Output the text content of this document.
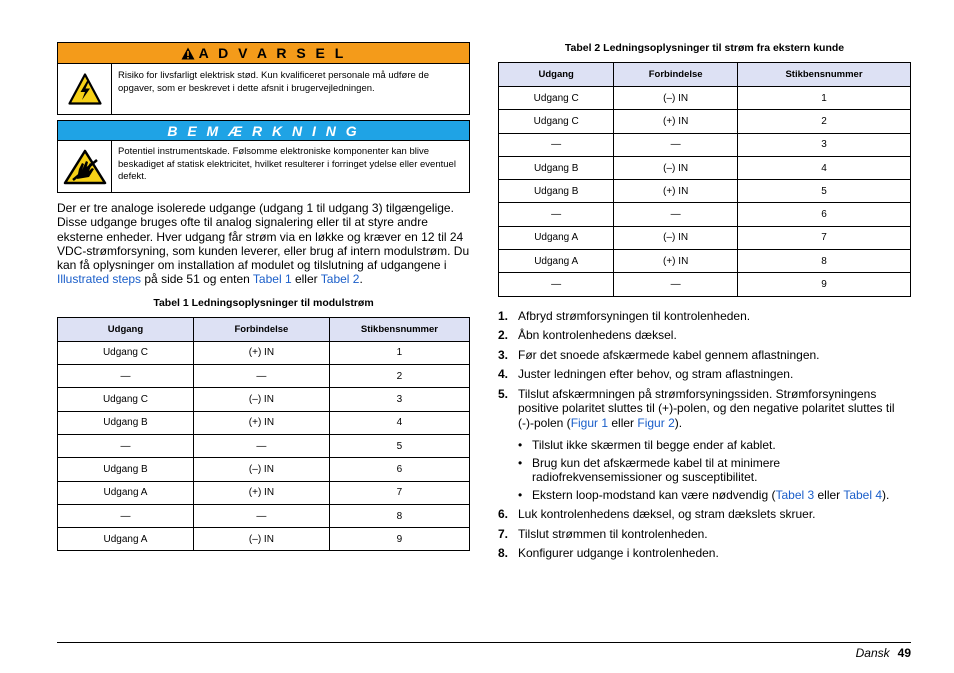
A D V A R S E L
Risiko for livsfarligt elektrisk stød. Kun kvalificeret personale må udføre de opgaver, som er beskrevet i dette afsnit i brugervejledningen.
B E M Æ R K N I N G
Potentiel instrumentskade. Følsomme elektroniske komponenter kan blive beskadiget af statisk elektricitet, hvilket resulterer i forringet ydelse eller eventuel defekt.
Der er tre analoge isolerede udgange (udgang 1 til udgang 3) tilgængelige. Disse udgange bruges ofte til analog signalering eller til at styre andre eksterne enheder. Hver udgang får strøm via en løkke og kræver en 12 til 24 VDC-strømforsyning, som kunden leverer, eller brug af intern modulstrøm. Du kan få oplysninger om installation af modulet og tilslutning af udgangene i Illustrated steps på side 51 og enten Tabel 1 eller Tabel 2.
Tabel 1 Ledningsoplysninger til modulstrøm
Udgang	Forbindelse	Stikbensnummer
Udgang C	(+) IN	1
—	—	2
Udgang C	(–) IN	3
Udgang B	(+) IN	4
—	—	5
Udgang B	(–) IN	6
Udgang A	(+) IN	7
—	—	8
Udgang A	(–) IN	9
Tabel 2 Ledningsoplysninger til strøm fra ekstern kunde
Udgang	Forbindelse	Stikbensnummer
Udgang C	(–) IN	1
Udgang C	(+) IN	2
—	—	3
Udgang B	(–) IN	4
Udgang B	(+) IN	5
—	—	6
Udgang A	(–) IN	7
Udgang A	(+) IN	8
—	—	9
1. Afbryd strømforsyningen til kontrolenheden.
2. Åbn kontrolenhedens dæksel.
3. Før det snoede afskærmede kabel gennem aflastningen.
4. Juster ledningen efter behov, og stram aflastningen.
5. Tilslut afskærmningen på strømforsyningssiden. Strømforsyningens positive polaritet sluttes til (+)-polen, og den negative polaritet sluttes til (-)-polen (Figur 1 eller Figur 2).
• Tilslut ikke skærmen til begge ender af kablet.
• Brug kun det afskærmede kabel til at minimere radiofrekvensemissioner og susceptibilitet.
• Ekstern loop-modstand kan være nødvendig (Tabel 3 eller Tabel 4).
6. Luk kontrolenhedens dæksel, og stram dækslets skruer.
7. Tilslut strømmen til kontrolenheden.
8. Konfigurer udgange i kontrolenheden.
Dansk 49
